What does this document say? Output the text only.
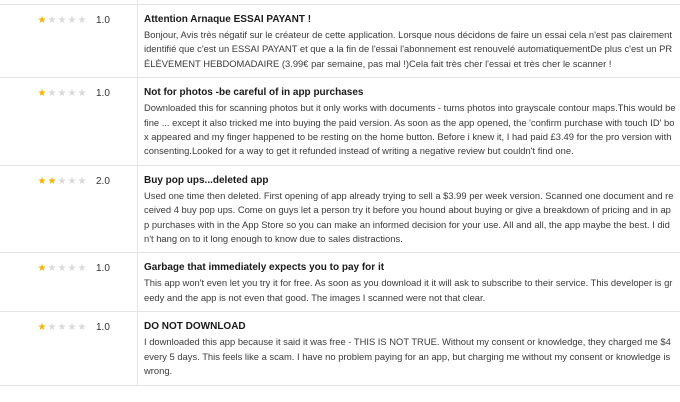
★ ★ ★ ★ ★ 1.0	Attention Arnaque ESSAI PAYANT !
Bonjour, Avis très négatif sur le créateur de cette application. Lorsque nous décidons de faire un essai cela n'est pas clairement identifié que c'est un ESSAI PAYANT et que a la fin de l'essai l'abonnement est renouvelé automatiquementDe plus c'est un PRÉLÈVEMENT HEBDOMADAIRE (3.99€ par semaine, pas mal !)Cela fait très cher l'essai et très cher le scanner !
★ ★ ★ ★ ★ 1.0	Not for photos -be careful of in app purchases
Downloaded this for scanning photos but it only works with documents - turns photos into grayscale contour maps.This would be fine ... except it also tricked me into buying the paid version. As soon as the app opened, the 'confirm purchase with touch ID' box appeared and my finger happened to be resting on the home button. Before i knew it, I had paid £3.49 for the pro version with consenting.Looked for a way to get it refunded instead of writing a negative review but couldn't find one.
★ ★ ★ ★ ★ 2.0	Buy pop ups...deleted app
Used one time then deleted. First opening of app already trying to sell a $3.99 per week version. Scanned one document and received 4 buy pop ups. Come on guys let a person try it before you hound about buying or give a breakdown of pricing and in app purchases with in the App Store so you can make an informed decision for your use. All and all, the app maybe the best. I didn't hang on to it long enough to know due to sales distractions.
★ ★ ★ ★ ★ 1.0	Garbage that immediately expects you to pay for it
This app won't even let you try it for free. As soon as you download it it will ask to subscribe to their service. This developer is greedy and the app is not even that good. The images I scanned were not that clear.
★ ★ ★ ★ ★ 1.0	DO NOT DOWNLOAD
I downloaded this app because it said it was free - THIS IS NOT TRUE. Without my consent or knowledge, they charged me $4 every 5 days. This feels like a scam. I have no problem paying for an app, but charging me without my consent or knowledge is wrong.
